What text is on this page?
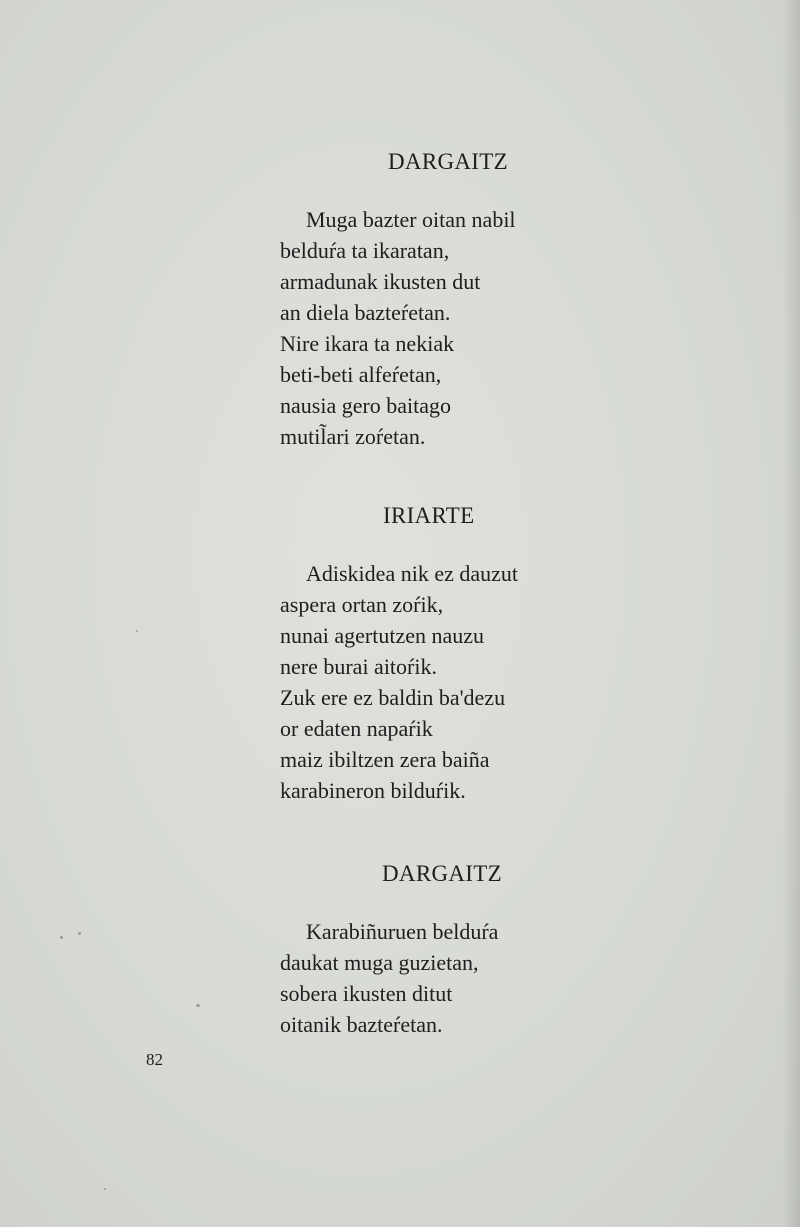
DARGAITZ
Muga bazter oitan nabil
belduŕa ta ikaratan,
armadunak ikusten dut
an diela baztеŕetan.
Nire ikara ta nekiak
beti-beti alfeŕetan,
nausia gero baitago
mutil̃ari zoŕetan.
IRIARTE
Adiskidea nik ez dauzut
aspera ortan zoŕik,
nunai agertutzen nauzu
nere burai aitoŕik.
Zuk ere ez baldin ba'dezu
or edaten napaŕik
maiz ibiltzen zera baiña
karabineron bilduŕik.
DARGAITZ
Karabiñuruen belduŕa
daukat muga guzietan,
sobera ikusten ditut
oitanik bazteŕetan.
82
